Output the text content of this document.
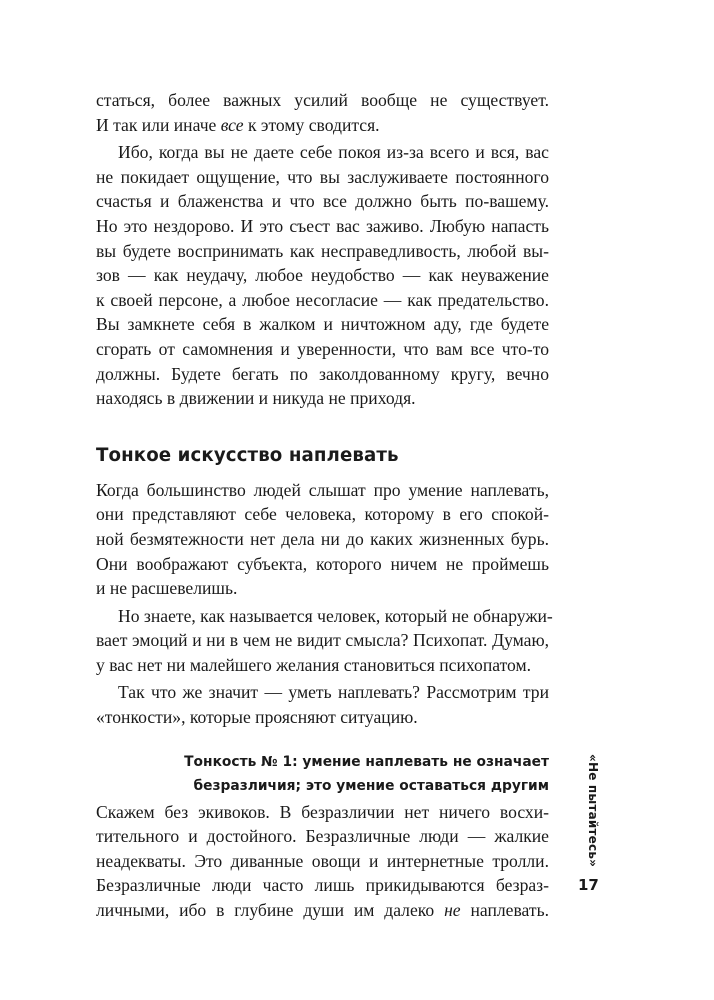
статься, более важных усилий вообще не существует.
И так или иначе все к этому сводится.

Ибо, когда вы не даете себе покоя из-за всего и вся, вас
не покидает ощущение, что вы заслуживаете постоянного
счастья и блаженства и что все должно быть по-вашему.
Но это нездорово. И это съест вас заживо. Любую напасть
вы будете воспринимать как несправедливость, любой вы-
зов — как неудачу, любое неудобство — как неуважение
к своей персоне, а любое несогласие — как предательство.
Вы замкнете себя в жалком и ничтожном аду, где будете
сгорать от самомнения и уверенности, что вам все что-то
должны. Будете бегать по заколдованному кругу, вечно
находясь в движении и никуда не приходя.

Тонкое искусство наплевать

Когда большинство людей слышат про умение наплевать,
они представляют себе человека, которому в его спокой-
ной безмятежности нет дела ни до каких жизненных бурь.
Они воображают субъекта, которого ничем не проймешь
и не расшевелишь.

Но знаете, как называется человек, который не обнаружи-
вает эмоций и ни в чем не видит смысла? Психопат. Думаю,
у вас нет ни малейшего желания становиться психопатом.

Так что же значит — уметь наплевать? Рассмотрим три
«тонкости», которые проясняют ситуацию.

Тонкость № 1: умение наплевать не означает
безразличия; это умение оставаться другим

Скажем без экивоков. В безразличии нет ничего восхи-
тительного и достойного. Безразличные люди — жалкие
неадекваты. Это диванные овощи и интернетные тролли.
Безразличные люди часто лишь прикидываются безраз-
личными, ибо в глубине души им далеко не наплевать.

«Не пытайтесь»
17
